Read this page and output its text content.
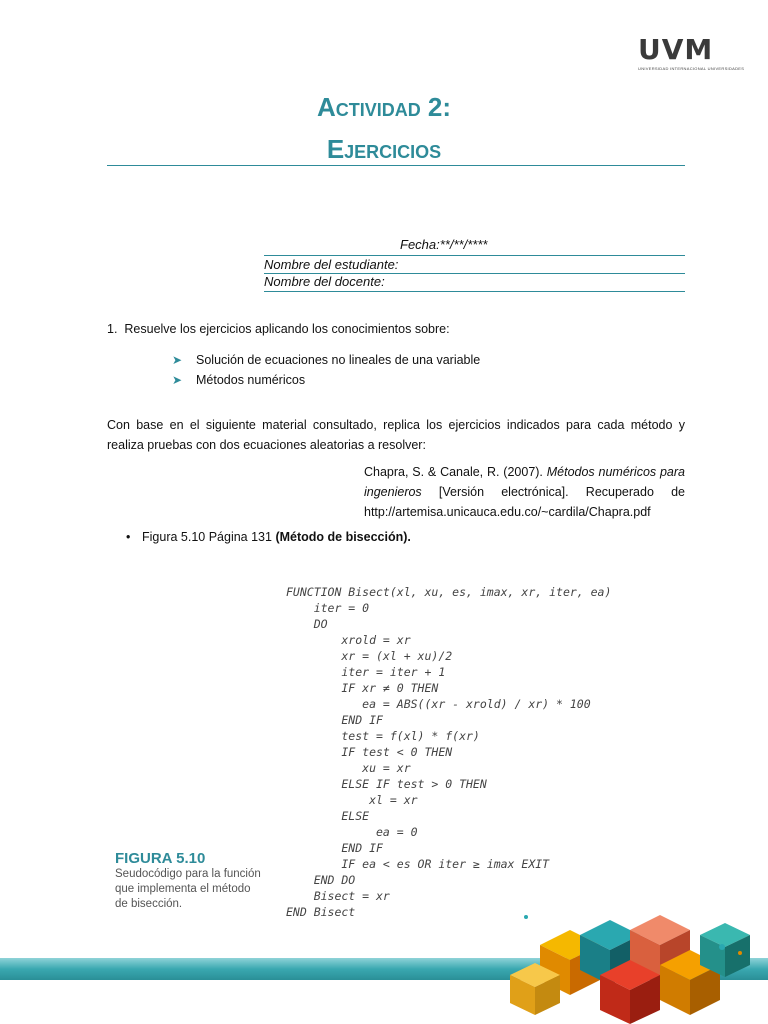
UVM
UNIVERSIDAD INTERNACIONAL UNIVERSIDADES
Actividad 2:
Ejercicios
Fecha:**/**/****
Nombre del estudiante:
Nombre del docente:
1. Resuelve los ejercicios aplicando los conocimientos sobre:
➤	Solución de ecuaciones no lineales de una variable
➤	Métodos numéricos
Con base en el siguiente material consultado, replica los ejercicios indicados para cada método y realiza pruebas con dos ecuaciones aleatorias a resolver:
Chapra, S. & Canale, R. (2007). Métodos numéricos para ingenieros [Versión electrónica]. Recuperado de http://artemisa.unicauca.edu.co/~cardila/Chapra.pdf
• Figura 5.10 Página 131 (Método de bisección).
FUNCTION Bisect(xl, xu, es, imax, xr, iter, ea)
iter = 0
DO
xrold = xr
xr = (xl + xu)/2
iter = iter + 1
IF xr ≠ 0 THEN
ea = ABS((xr - xrold) / xr) * 100
END IF
test = f(xl) * f(xr)
IF test < 0 THEN
xu = xr
ELSE IF test > 0 THEN
xl = xr
ELSE
ea = 0
END IF
IF ea < es OR iter ≥ imax EXIT
END DO
Bisect = xr
END Bisect
FIGURA 5.10
Seudocódigo para la función que implementa el método de bisección.
